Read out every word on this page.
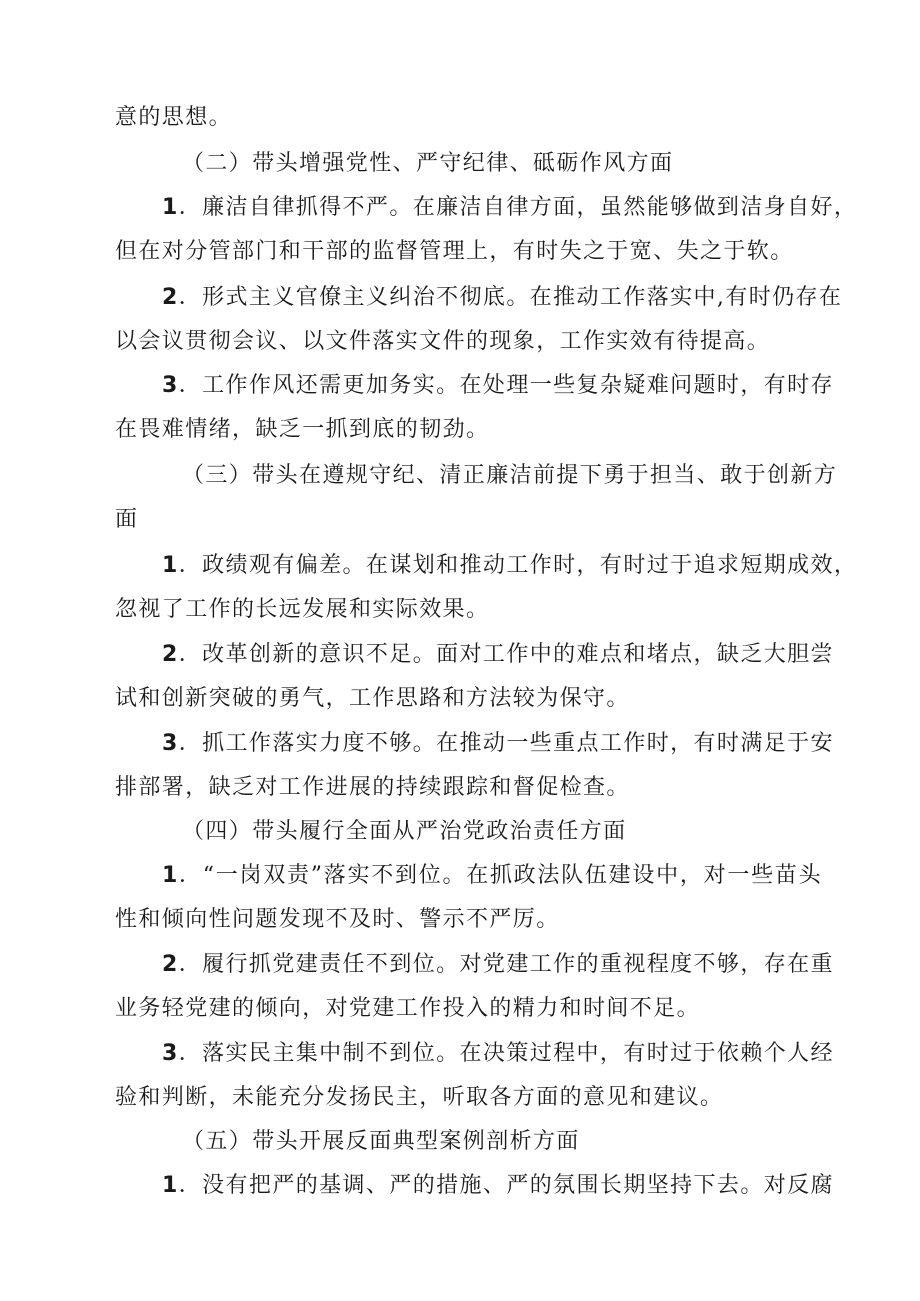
意的思想。
（二）带头增强党性、严守纪律、砥砺作风方面
1．廉洁自律抓得不严。在廉洁自律方面，虽然能够做到洁身自好，
但在对分管部门和干部的监督管理上，有时失之于宽、失之于软。
2．形式主义官僚主义纠治不彻底。在推动工作落实中,有时仍存在
以会议贯彻会议、以文件落实文件的现象，工作实效有待提高。
3．工作作风还需更加务实。在处理一些复杂疑难问题时，有时存
在畏难情绪，缺乏一抓到底的韧劲。
（三）带头在遵规守纪、清正廉洁前提下勇于担当、敢于创新方
面
1．政绩观有偏差。在谋划和推动工作时，有时过于追求短期成效，
忽视了工作的长远发展和实际效果。
2．改革创新的意识不足。面对工作中的难点和堵点，缺乏大胆尝
试和创新突破的勇气，工作思路和方法较为保守。
3．抓工作落实力度不够。在推动一些重点工作时，有时满足于安
排部署，缺乏对工作进展的持续跟踪和督促检查。
（四）带头履行全面从严治党政治责任方面
1．“一岗双责”落实不到位。在抓政法队伍建设中，对一些苗头
性和倾向性问题发现不及时、警示不严厉。
2．履行抓党建责任不到位。对党建工作的重视程度不够，存在重
业务轻党建的倾向，对党建工作投入的精力和时间不足。
3．落实民主集中制不到位。在决策过程中，有时过于依赖个人经
验和判断，未能充分发扬民主，听取各方面的意见和建议。
（五）带头开展反面典型案例剖析方面
1．没有把严的基调、严的措施、严的氛围长期坚持下去。对反腐
